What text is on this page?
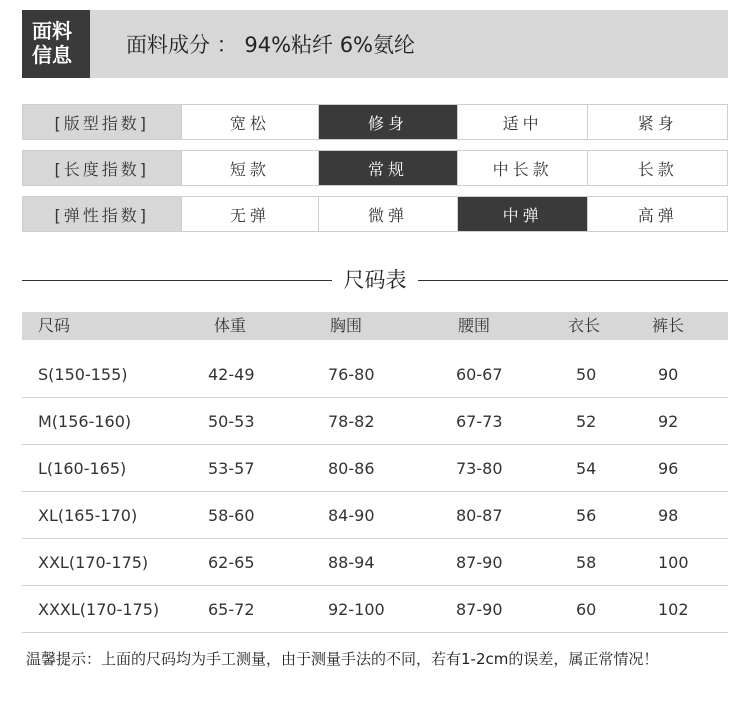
面料
信息	面料成分 ： 94%粘纤 6%氨纶
[版型指数]	宽松	修身	适中	紧身
[长度指数]	短款	常规	中长款	长款
[弹性指数]	无弹	微弹	中弹	高弹
尺码表
尺码	体重	胸围	腰围	衣长	裤长
S(150-155)	42-49	76-80	60-67	50	90
M(156-160)	50-53	78-82	67-73	52	92
L(160-165)	53-57	80-86	73-80	54	96
XL(165-170)	58-60	84-90	80-87	56	98
XXL(170-175)	62-65	88-94	87-90	58	100
XXXL(170-175)	65-72	92-100	87-90	60	102
温馨提示：上面的尺码均为手工测量，由于测量手法的不同，若有1-2cm的误差，属正常情况！
